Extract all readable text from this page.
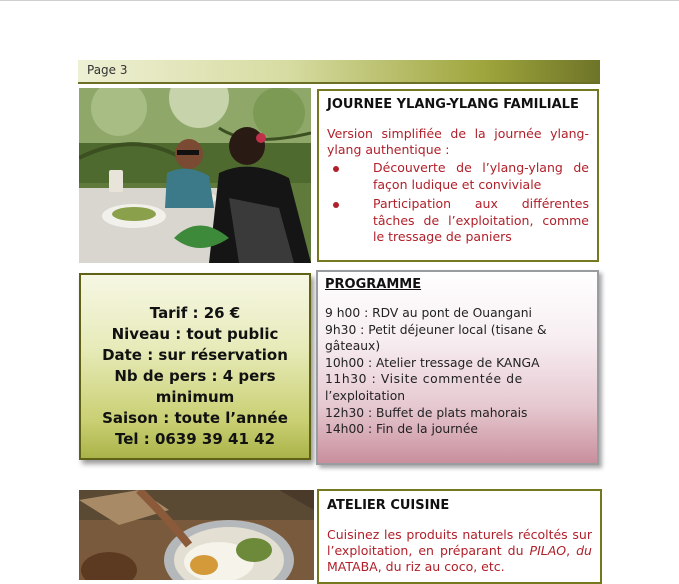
Page 3
JOURNEE YLANG-YLANG FAMILIALE
Version simplifiée de la journée ylang-ylang authentique :
Découverte de l’ylang-ylang de façon ludique et conviviale
Participation aux différentes tâches de l’exploitation, comme le tressage de paniers
Tarif : 26 €
Niveau : tout public
Date : sur réservation
Nb de pers : 4 pers
minimum
Saison : toute l’année
Tel : 0639 39 41 42
PROGRAMME
9 h00 : RDV au pont de Ouangani
9h30 : Petit déjeuner local (tisane &
gâteaux)
10h00 : Atelier tressage de KANGA
11h30 : Visite commentée de
l’exploitation
12h30 : Buffet de plats mahorais
14h00 : Fin de la journée
ATELIER CUISINE
Cuisinez les produits naturels récoltés sur l’exploitation, en préparant du PILAO, du MATABA, du riz au coco, etc.
